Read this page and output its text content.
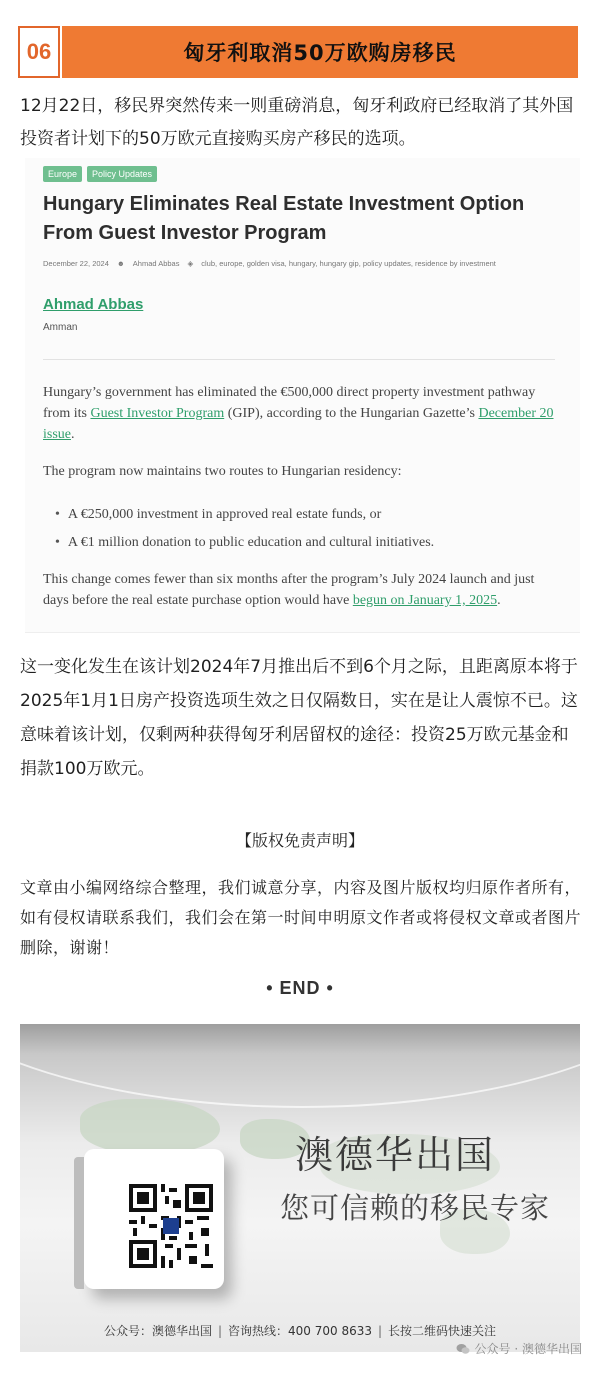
06	匈牙利取消50万欧购房移民
12月22日，移民界突然传来一则重磅消息，匈牙利政府已经取消了其外国投资者计划下的50万欧元直接购买房产移民的选项。
Europe	Policy Updates
Hungary Eliminates Real Estate Investment Option From Guest Investor Program
December 22, 2024 ☻ Ahmad Abbas ◈ club, europe, golden visa, hungary, hungary gip, policy updates, residence by investment
Ahmad Abbas
Amman
Hungary’s government has eliminated the €500,000 direct property investment pathway from its Guest Investor Program (GIP), according to the Hungarian Gazette’s December 20 issue.
The program now maintains two routes to Hungarian residency:
• A €250,000 investment in approved real estate funds, or
• A €1 million donation to public education and cultural initiatives.
This change comes fewer than six months after the program’s July 2024 launch and just days before the real estate purchase option would have begun on January 1, 2025.
这一变化发生在该计划2024年7月推出后不到6个月之际，且距离原本将于2025年1月1日房产投资选项生效之日仅隔数日，实在是让人震惊不已。这意味着该计划，仅剩两种获得匈牙利居留权的途径：投资25万欧元基金和捐款100万欧元。
【版权免责声明】
文章由小编网络综合整理，我们诚意分享，内容及图片版权均归原作者所有，如有侵权请联系我们，我们会在第一时间申明原文作者或将侵权文章或者图片删除，谢谢！
• END •
澳德华出国
您可信赖的移民专家
公众号：澳德华出国 | 咨询热线：400 700 8633 | 长按二维码快速关注
公众号 · 澳德华出国
